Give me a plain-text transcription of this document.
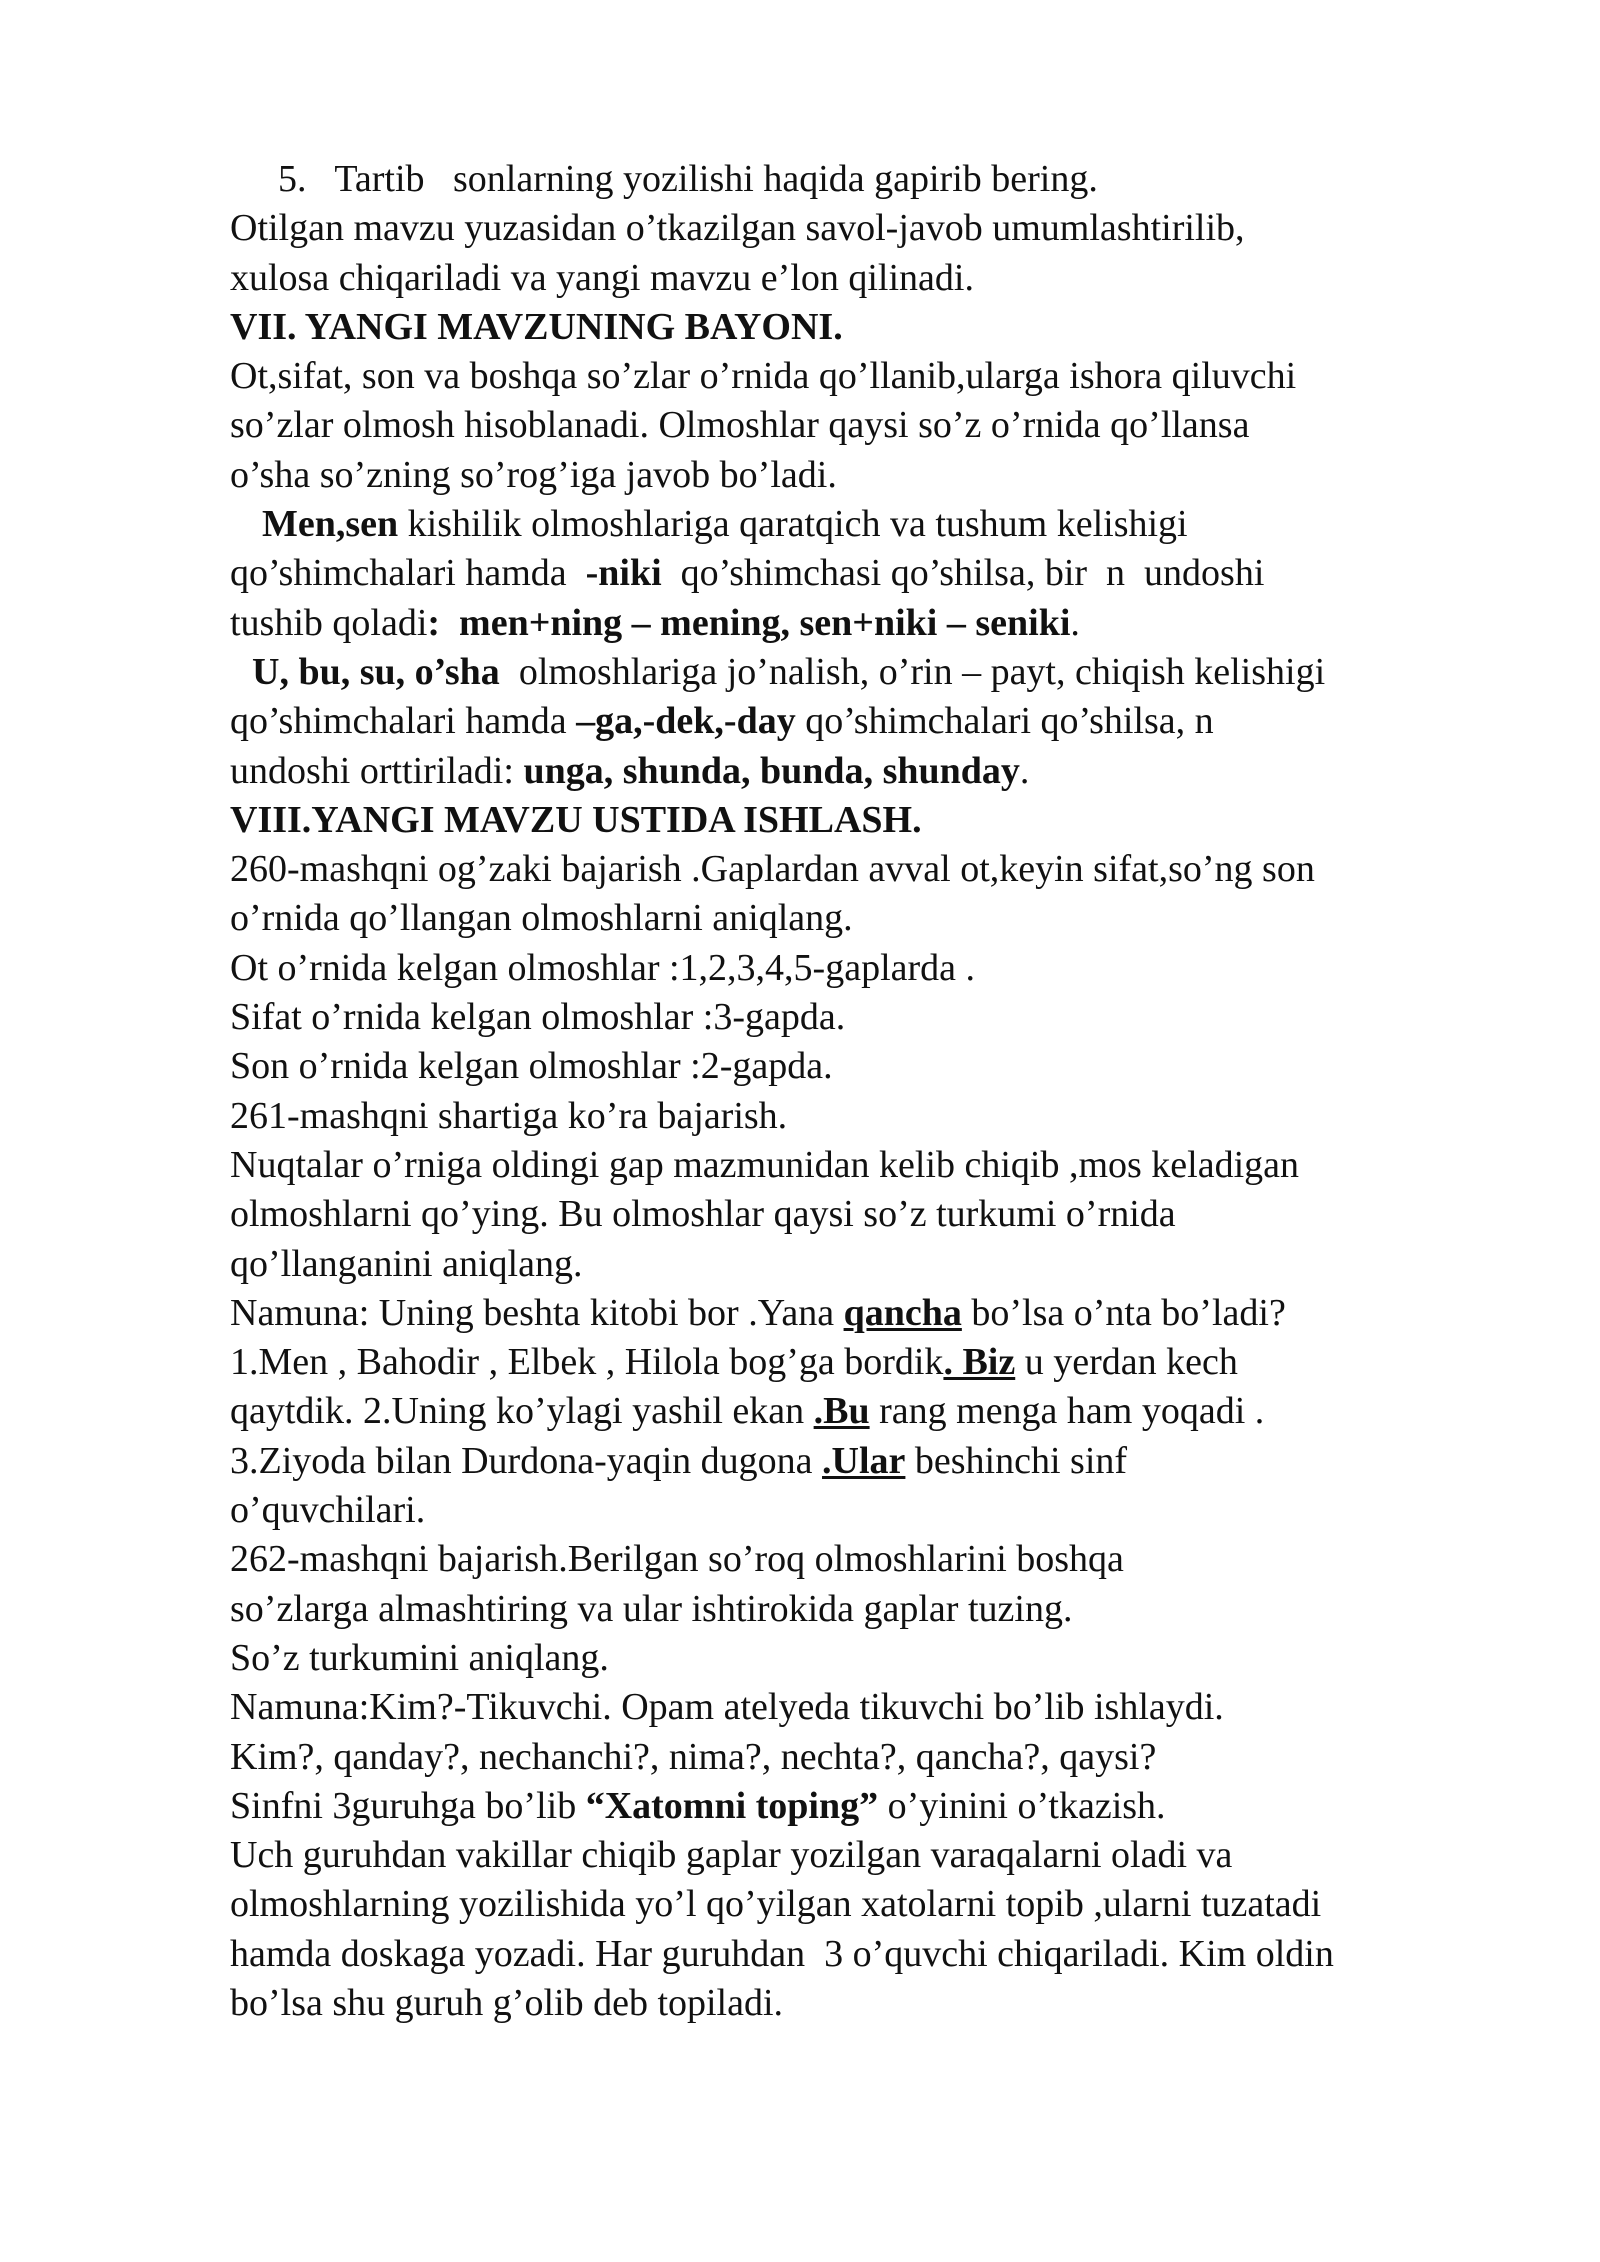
5. Tartib   sonlarning yozilishi haqida gapirib bering.
Otilgan mavzu yuzasidan o’tkazilgan savol-javob umumlashtirilib,
xulosa chiqariladi va yangi mavzu e’lon qilinadi.
VII. YANGI MAVZUNING BAYONI.
Ot,sifat, son va boshqa so’zlar o’rnida qo’llanib,ularga ishora qiluvchi
so’zlar olmosh hisoblanadi. Olmoshlar qaysi so’z o’rnida qo’llansa
o’sha so’zning so’rog’iga javob bo’ladi.
Men,sen kishilik olmoshlariga qaratqich va tushum kelishigi
qo’shimchalari hamda  -niki  qo’shimchasi qo’shilsa, bir  n  undoshi
tushib qoladi:  men+ning – mening, sen+niki – seniki.
U, bu, su, o’sha  olmoshlariga jo’nalish, o’rin – payt, chiqish kelishigi
qo’shimchalari hamda –ga,-dek,-day qo’shimchalari qo’shilsa, n
undoshi orttiriladi: unga, shunda, bunda, shunday.
VIII.YANGI MAVZU USTIDA ISHLASH.
260-mashqni og’zaki bajarish .Gaplardan avval ot,keyin sifat,so’ng son
o’rnida qo’llangan olmoshlarni aniqlang.
Ot o’rnida kelgan olmoshlar :1,2,3,4,5-gaplarda .
Sifat o’rnida kelgan olmoshlar :3-gapda.
Son o’rnida kelgan olmoshlar :2-gapda.
261-mashqni shartiga ko’ra bajarish.
Nuqtalar o’rniga oldingi gap mazmunidan kelib chiqib ,mos keladigan
olmoshlarni qo’ying. Bu olmoshlar qaysi so’z turkumi o’rnida
qo’llanganini aniqlang.
Namuna: Uning beshta kitobi bor .Yana qancha bo’lsa o’nta bo’ladi?
1.Men , Bahodir , Elbek , Hilola bog’ga bordik. Biz u yerdan kech
qaytdik. 2.Uning ko’ylagi yashil ekan .Bu rang menga ham yoqadi .
3.Ziyoda bilan Durdona-yaqin dugona .Ular beshinchi sinf
o’quvchilari.
262-mashqni bajarish.Berilgan so’roq olmoshlarini boshqa
so’zlarga almashtiring va ular ishtirokida gaplar tuzing.
So’z turkumini aniqlang.
Namuna:Kim?-Tikuvchi. Opam atelyeda tikuvchi bo’lib ishlaydi.
Kim?, qanday?, nechanchi?, nima?, nechta?, qancha?, qaysi?
Sinfni 3guruhga bo’lib “Xatomni toping” o’yinini o’tkazish.
Uch guruhdan vakillar chiqib gaplar yozilgan varaqalarni oladi va
olmoshlarning yozilishida yo’l qo’yilgan xatolarni topib ,ularni tuzatadi
hamda doskaga yozadi. Har guruhdan  3 o’quvchi chiqariladi. Kim oldin
bo’lsa shu guruh g’olib deb topiladi.
